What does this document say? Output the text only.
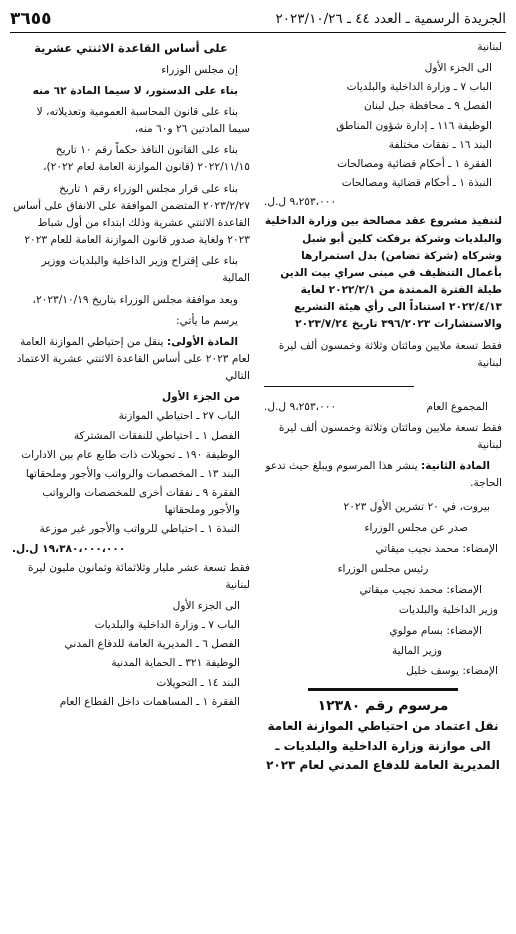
الجريدة الرسمية ـ العدد ٤٤ ـ ٢٠٢٣/١٠/٢٦
٣٦٥٥

لبنانية

الى الجزء الأول

الباب ٧ ـ وزارة الداخلية والبلديات

الفصل ٩ ـ محافظة جبل لبنان

الوظيفة ١١٦ ـ إدارة شؤون المناطق

البند ١٦ ـ نفقات مختلفة

الفقرة ١ ـ أحكام قضائية ومصالحات

النبذة ١ ـ أحكام قضائية ومصالحات

٩،٢٥٣،٠٠٠ ل.ل.

لتنفيذ مشروع عقد مصالحة بين وزارة الداخلية والبلديات وشركة برفكت كلين أبو شبل وشركاه (شركة تضامن) بدل استمرارها بأعمال التنظيف في مبنى سراي بيت الدين طيلة الفترة الممتدة من ٢٠٢٢/٢/١ لغاية ٢٠٢٢/٤/١٣ استناداً الى رأي هيئة التشريع والاستشارات ٣٩٦/٢٠٢٣ تاريخ ٢٠٢٣/٧/٢٤

فقط تسعة ملايين ومائتان وثلاثة وخمسون ألف ليرة لبنانية

المجموع العام
٩،٢٥٣،٠٠٠ ل.ل.

فقط تسعة ملايين ومائتان وثلاثة وخمسون ألف ليرة لبنانية

المادة الثانية: ينشر هذا المرسوم ويبلغ حيث تدعو الحاجة.

بيروت، في ٢٠ تشرين الأول ٢٠٢٣

صدر عن مجلس الوزراء

الإمضاء: محمد نجيب ميقاتي

رئيس مجلس الوزراء

الإمضاء: محمد نجيب ميقاتي

وزير الداخلية والبلديات

الإمضاء: بسام مولوي

وزير المالية

الإمضاء: يوسف خليل

مرسوم رقم ١٢٣٨٠
نقل اعتماد من احتياطي الموازنة العامة
الى موازنة وزارة الداخلية والبلديات ـ
المديرية العامة للدفاع المدني لعام ٢٠٢٣

على أساس القاعدة الاثنتي عشرية

إن مجلس الوزراء

بناء على الدستور، لا سيما المادة ٦٢ منه

بناء على قانون المحاسبة العمومية وتعديلاته، لا سيما المادتين ٢٦ و٦٠ منه،

بناء على القانون النافذ حكماً رقم ١٠ تاريخ ٢٠٢٢/١١/١٥ (قانون الموازنة العامة لعام ٢٠٢٢)،

بناء على قرار مجلس الوزراء رقم ١ تاريخ ٢٠٢٣/٢/٢٧ المتضمن الموافقة على الانفاق على أساس القاعدة الاثنتي عشرية وذلك ابتداء من أول شباط ٢٠٢٣ ولغاية صدور قانون الموازنة العامة للعام ٢٠٢٣

بناء على إقتراح وزير الداخلية والبلديات ووزير المالية

وبعد موافقة مجلس الوزراء بتاريخ ٢٠٢٣/١٠/١٩،

يرسم ما يأتي:

المادة الأولى: ينقل من إحتياطي الموازنة العامة لعام ٢٠٢٣ على أساس القاعدة الاثنتي عشرية الاعتماد التالي

من الجزء الأول

الباب ٢٧ ـ احتياطي الموازنة

الفصل ١ ـ احتياطي للنفقات المشتركة

الوظيفة ١٩٠ ـ تحويلات ذات طابع عام بين الادارات

البند ١٣ ـ المخصصات والرواتب والأجور وملحقاتها

الفقرة ٩ ـ نفقات أخرى للمخصصات والرواتب والأجور وملحقاتها

النبذة ١ ـ احتياطي للرواتب والأجور غير موزعة

١٩،٣٨٠،٠٠٠،٠٠٠ ل.ل.

فقط تسعة عشر مليار وثلاثمائة وثمانون مليون ليرة لبنانية

الى الجزء الأول

الباب ٧ ـ وزارة الداخلية والبلديات

الفصل ٦ ـ المديرية العامة للدفاع المدني

الوظيفة ٣٢١ ـ الحماية المدنية

البند ١٤ ـ التحويلات

الفقرة ١ ـ المساهمات داخل القطاع العام
